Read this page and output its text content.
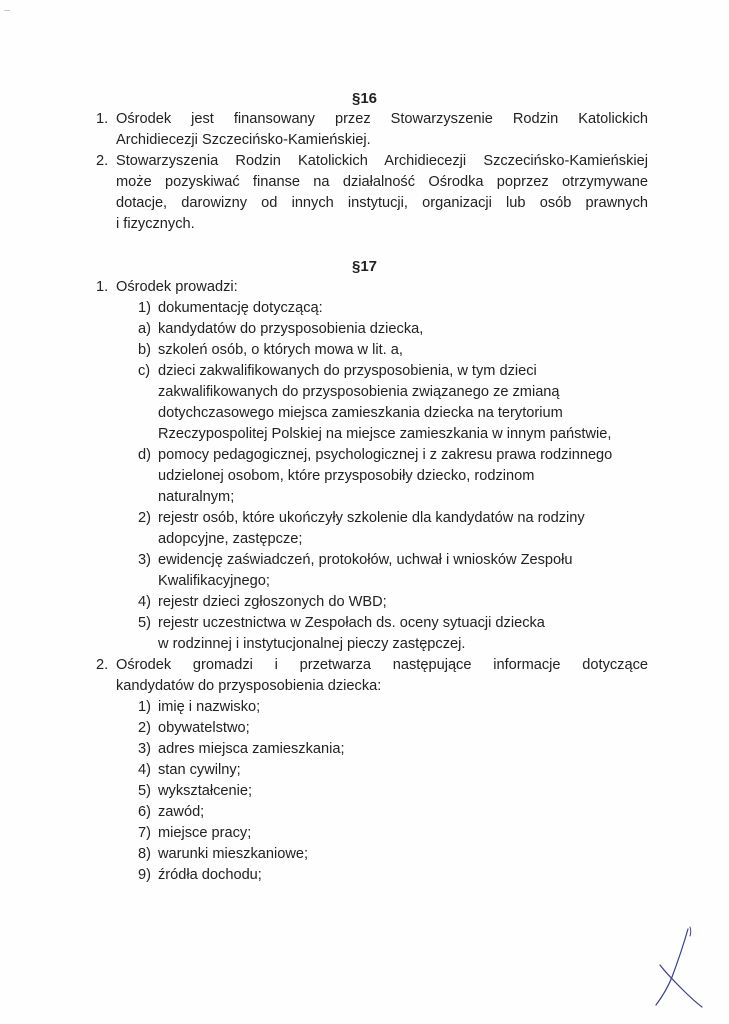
§16
1. Ośrodek jest finansowany przez Stowarzyszenie Rodzin Katolickich
Archidiecezji Szczecińsko-Kamieńskiej.
2. Stowarzyszenia Rodzin Katolickich Archidiecezji Szczecińsko-Kamieńskiej
może pozyskiwać finanse na działalność Ośrodka poprzez otrzymywane
dotacje, darowizny od innych instytucji, organizacji lub osób prawnych
i fizycznych.
§17
1. Ośrodek prowadzi:
1) dokumentację dotyczącą:
a) kandydatów do przysposobienia dziecka,
b) szkoleń osób, o których mowa w lit. a,
c) dzieci zakwalifikowanych do przysposobienia, w tym dzieci
zakwalifikowanych do przysposobienia związanego ze zmianą
dotychczasowego miejsca zamieszkania dziecka na terytorium
Rzeczypospolitej Polskiej na miejsce zamieszkania w innym państwie,
d) pomocy pedagogicznej, psychologicznej i z zakresu prawa rodzinnego
udzielonej osobom, które przysposobiły dziecko, rodzinom
naturalnym;
2) rejestr osób, które ukończyły szkolenie dla kandydatów na rodziny
adopcyjne, zastępcze;
3) ewidencję zaświadczeń, protokołów, uchwał i wniosków Zespołu
Kwalifikacyjnego;
4) rejestr dzieci zgłoszonych do WBD;
5) rejestr uczestnictwa w Zespołach ds. oceny sytuacji dziecka
w rodzinnej i instytucjonalnej pieczy zastępczej.
2. Ośrodek gromadzi i przetwarza następujące informacje dotyczące
kandydatów do przysposobienia dziecka:
1) imię i nazwisko;
2) obywatelstwo;
3) adres miejsca zamieszkania;
4) stan cywilny;
5) wykształcenie;
6) zawód;
7) miejsce pracy;
8) warunki mieszkaniowe;
9) źródła dochodu;
